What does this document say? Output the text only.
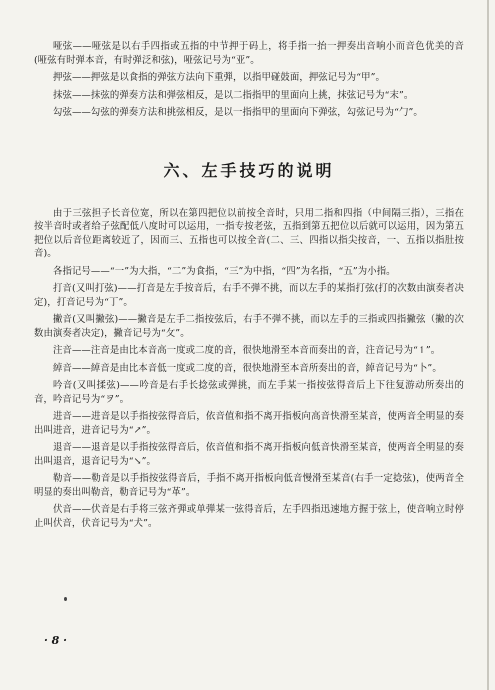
哑弦——哑弦是以右手四指或五指的中节押于码上，将手指一抬一押奏出音响小而音色优美的音(哑弦有时弹本音，有时弹泛和弦)，哑弦记号为“亚”。

押弦——押弦是以食指的弹弦方法向下重弾，以指甲碰鼓面，押弦记号为“甲”。

抹弦——抹弦的弹奏方法和弹弦相反，是以二指指甲的里面向上挑，抹弦记号为“末”。

勾弦——勾弦的弹奏方法和挑弦相反，是以一指指甲的里面向下弹弦，勾弦记号为“勹”。

六、左手技巧的说明

由于三弦担子长音位宽，所以在第四把位以前按全音时，只用二指和四指（中间隔三指），三指在按半音时或者给子弦配低八度时可以运用，一指专按老弦，五指到第五把位以后就可以运用，因为第五把位以后音位距离较近了，因而三、五指也可以按全音(二、三、四指以指尖按音，一、五指以指肚按音)。

各指记号——“一”为大指，“二”为食指，“三”为中指，“四”为名指，“五”为小指。

打音(又叫打弦)——打音是左手按音后，右手不弹不挑，而以左手的某指打弦(打的次数由演奏者决定)，打音记号为“丁”。

撇音(又叫撇弦)——撇音是左手二指按弦后，右手不弹不挑，而以左手的三指或四指撇弦（撇的次数由演奏者决定)，撇音记号为“攵”。

注音——注音是由比本音高一度或二度的音，很快地滑至本音而奏出的音，注音记号为“↿”。

綽音——綽音是由比本音低一度或二度的音，很快地滑至本音所奏出的音，綽音记号为“卜”。

吟音(又叫揉弦)——吟音是右手长捻弦或弹挑，而左手某一指按弦得音后上下往复游动所奏出的音，吟音记号为“ヲ”。

进音——进音是以手指按弦得音后，依音值和指不离开指板向高音快滑至某音，使两音全明显的奏出叫进音，进音记号为“↗”。

退音——退音是以手指按弦得音后，依音值和指不离开指板向低音快滑至某音，使两音全明显的奏出叫退音，退音记号为“↘”。

勒音——勒音是以手指按弦得音后，手指不离开指板向低音慢滑至某音(右手一定捻弦)，使两音全明显的奏出叫勒音，勒音记号为“革”。

伏音——伏音是右手将三弦齐弾或单弾某一弦得音后，左手四指迅速地方握于弦上，使音响立时停止叫伏音，伏音记号为“犬”。

· 8 ·
